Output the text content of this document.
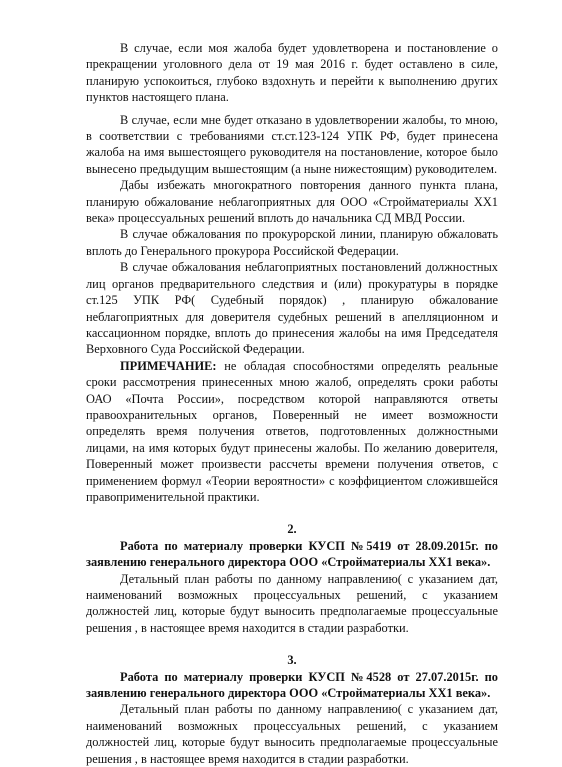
В случае, если моя жалоба будет удовлетворена и постановление о прекращении уголовного дела от 19 мая 2016 г. будет оставлено в силе, планирую успокоиться, глубоко вздохнуть и перейти к выполнению других пунктов настоящего плана.

В случае, если мне будет отказано в удовлетворении жалобы, то мною, в соответствии с требованиями ст.ст.123-124 УПК РФ, будет принесена жалоба на имя вышестоящего руководителя на постановление, которое было вынесено предыдущим вышестоящим (а ныне нижестоящим) руководителем.

Дабы избежать многократного повторения данного пункта плана, планирую обжалование неблагоприятных для ООО «Стройматериалы XX1 века» процессуальных решений вплоть до начальника СД МВД России.

В случае обжалования по прокурорской линии, планирую обжаловать вплоть до Генерального прокурора Российской Федерации.

В случае обжалования неблагоприятных постановлений должностных лиц органов предварительного следствия и (или) прокуратуры в порядке ст.125 УПК РФ( Судебный порядок) , планирую обжалование неблагоприятных для доверителя судебных решений в апелляционном и кассационном порядке, вплоть до принесения жалобы на имя Председателя Верховного Суда Российской Федерации.

ПРИМЕЧАНИЕ: не обладая способностями определять реальные сроки рассмотрения принесенных мною жалоб, определять сроки работы ОАО «Почта России», посредством которой направляются ответы правоохранительных органов, Поверенный не имеет возможности определять время получения ответов, подготовленных должностными лицами, на имя которых будут принесены жалобы. По желанию доверителя, Поверенный может произвести рассчеты времени получения ответов, с применением формул «Теории вероятности» с коэффициентом сложившейся правоприменительной практики.

2.

Работа по материалу проверки КУСП №5419 от 28.09.2015г. по заявлению генерального директора ООО «Стройматериалы XX1 века».

Детальный план работы по данному направлению( с указанием дат, наименований возможных процессуальных решений, с указанием должностей лиц, которые будут выносить предполагаемые процессуальные решения , в настоящее время находится в стадии разработки.

3.

Работа по материалу проверки КУСП №4528 от 27.07.2015г. по заявлению генерального директора ООО «Стройматериалы XX1 века».

Детальный план работы по данному направлению( с указанием дат, наименований возможных процессуальных решений, с указанием должностей лиц, которые будут выносить предполагаемые процессуальные решения , в настоящее время находится в стадии разработки.
